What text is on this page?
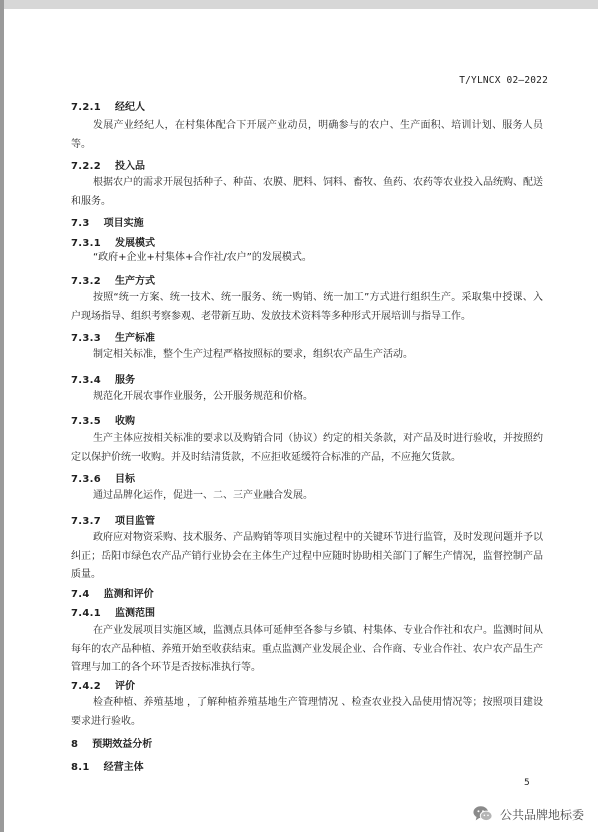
T/YLNCX 02—2022
7.2.1 经纪人
发展产业经纪人，在村集体配合下开展产业动员，明确参与的农户、生产面积、培训计划、服务人员等。
7.2.2 投入品
根据农户的需求开展包括种子、种苗、农膜、肥料、饲料、畜牧、鱼药、农药等农业投入品统购、配送和服务。
7.3 项目实施
7.3.1 发展模式
“政府+企业+村集体+合作社/农户”的发展模式。
7.3.2 生产方式
按照“统一方案、统一技术、统一服务、统一购销、统一加工”方式进行组织生产。采取集中授课、入户现场指导、组织考察参观、老带新互助、发放技术资料等多种形式开展培训与指导工作。
7.3.3 生产标准
制定相关标准，整个生产过程严格按照标的要求，组织农产品生产活动。
7.3.4 服务
规范化开展农事作业服务，公开服务规范和价格。
7.3.5 收购
生产主体应按相关标准的要求以及购销合同（协议）约定的相关条款，对产品及时进行验收，并按照约定以保护价统一收购。并及时结清货款，不应拒收延缓符合标准的产品，不应拖欠货款。
7.3.6 目标
通过品牌化运作，促进一、二、三产业融合发展。
7.3.7 项目监管
政府应对物资采购、技术服务、产品购销等项目实施过程中的关键环节进行监管，及时发现问题并予以纠正；岳阳市绿色农产品产销行业协会在主体生产过程中应随时协助相关部门了解生产情况，监督控制产品质量。
7.4 监测和评价
7.4.1 监测范围
在产业发展项目实施区域，监测点具体可延伸至各参与乡镇、村集体、专业合作社和农户。监测时间从每年的农产品种植、养殖开始至收获结束。重点监测产业发展企业、合作商、专业合作社、农户农产品生产管理与加工的各个环节是否按标准执行等。
7.4.2 评价
检查种植、养殖基地 ，了解种植养殖基地生产管理情况 、检查农业投入品使用情况等；按照项目建设要求进行验收。
8 预期效益分析
8.1 经营主体
5
公共品牌地标委
